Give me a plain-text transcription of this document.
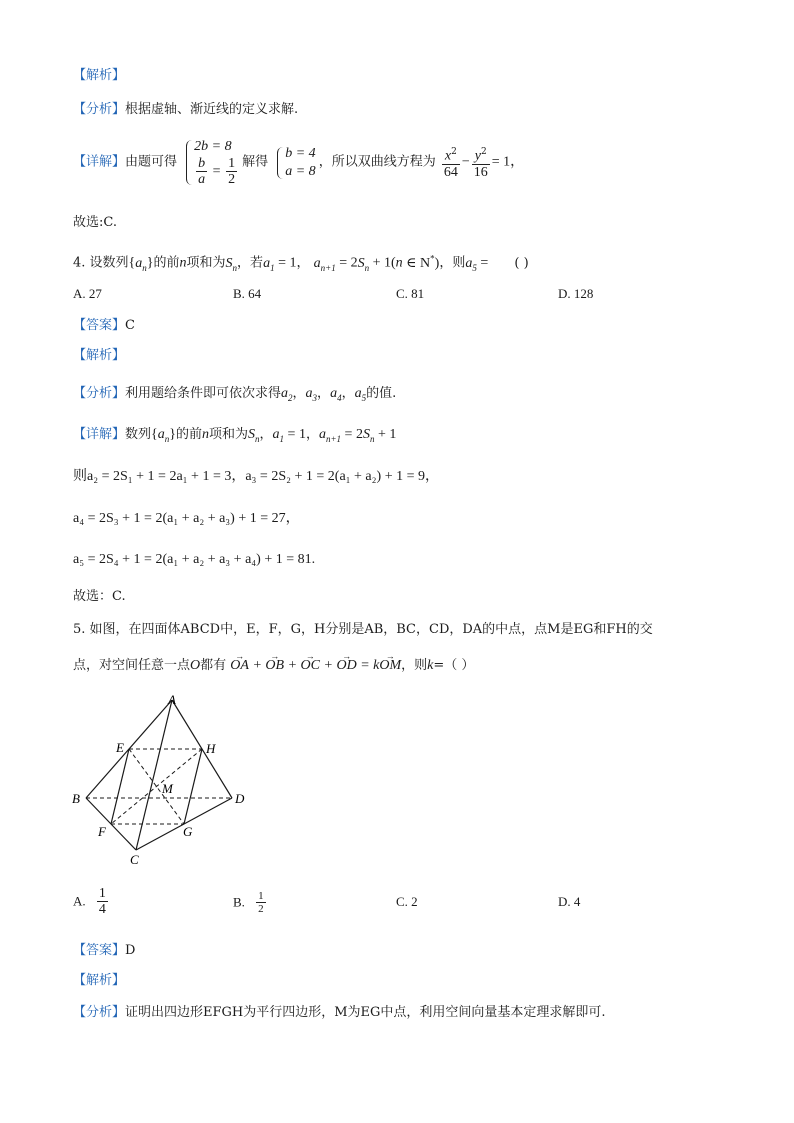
【解析】
【分析】根据虚轴、渐近线的定义求解.
【详解】由题可得
2b = 8
$\frac{b}{a} = \frac{1}{2}$ 解得
b = 4
a = 8
，所以双曲线方程为 $\frac{x^2}{64} - \frac{y^2}{16} = 1$，
故选:C.
4. 设数列$\{a_n\}$的前n项和为$S_n$，若$a_1 = 1$， $a_{n+1} = 2S_n + 1(n$ ∈ N*)，则$a_5$ = ( )
A. 27	B. 64	C. 81	D. 128
【答案】C
【解析】
【分析】利用题给条件即可依次求得$a_2$，$a_3$，$a_4$，$a_5$的值.
【详解】数列$\{a_n\}$的前n项和为$S_n$，$a_1 = 1$，$a_{n+1} = 2S_n + 1$
则a₂ = 2S₁ + 1 = 2a₁ + 1 = 3，a₃ = 2S₂ + 1 = 2(a₁ + a₂) + 1 = 9，
a₄ = 2S₃ + 1 = 2(a₁ + a₂ + a₃) + 1 = 27，
a₅ = 2S₄ + 1 = 2(a₁ + a₂ + a₃ + a₄) + 1 = 81.
故选：C.
5. 如图，在四面体ABCD中，E，F，G，H分别是AB，BC，CD，DA的中点，点M是EG和FH的交
点，对空间任意一点O都有 → OA + → OB + → OC + → OD = k→ OM，则k=（ ）
A
B
C
D
E
F	G
H
M
A. $\frac{1}{4}$	B. $\frac{1}{2}$	C. 2	D. 4
【答案】D
【解析】
【分析】证明出四边形EFGH为平行四边形，M为EG中点，利用空间向量基本定理求解即可.
